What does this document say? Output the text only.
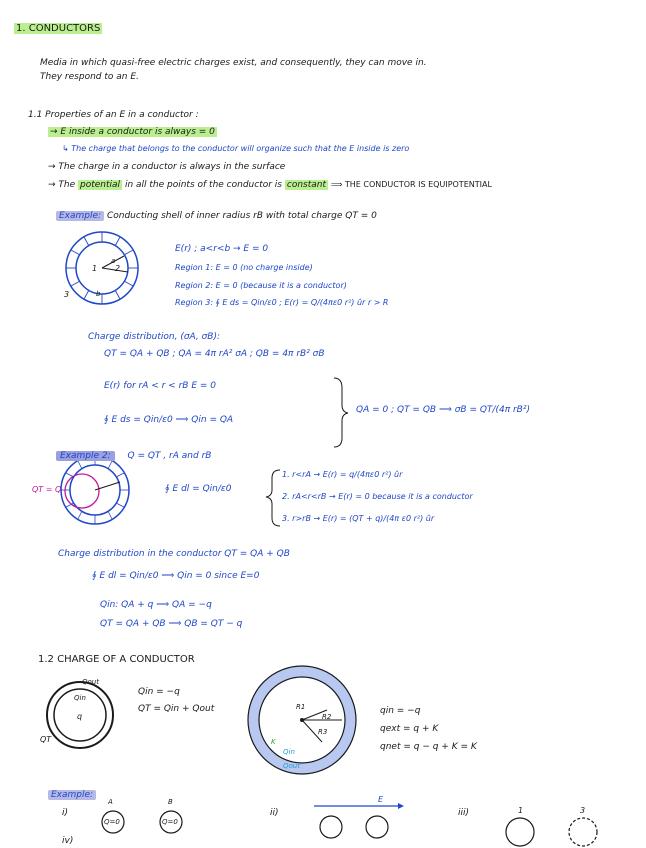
1. CONDUCTORS
Media in which quasi-free electric charges exist, and consequently, they can move in.
They respond to an E.
1.1 Properties of an E in a conductor :
→ E inside a conductor is always = 0
↳ The charge that belongs to the conductor will organize such that the E inside is zero
→ The charge in a conductor is always in the surface
→ The potential in all the points of the conductor is constant ⟹ THE CONDUCTOR IS EQUIPOTENTIAL
Example: Conducting shell of inner radius rB with total charge QT = 0
1 2
3
a
b
E(r) ; a<r<b → E = 0
Region 1: E = 0 (no charge inside)
Region 2: E = 0 (because it is a conductor)
Region 3: ∮ E ds = Qin/ε0 ; E(r) = Q/(4πε0 r²) ûr r > R
Charge distribution, (σA, σB):
QT = QA + QB ; QA = 4π rA² σA ; QB = 4π rB² σB
E(r) for rA < r < rB E = 0
∮ E ds = Qin/ε0 ⟹ Qin = QA
QA = 0 ; QT = QB ⟹ σB = QT/(4π rB²)
Example 2: Q = QT , rA and rB
QT = Q	∮ E dl = Qin/ε0
1. r<rA → E(r) = q/(4πε0 r²) ûr
2. rA<r<rB → E(r) = 0 because it is a conductor
3. r>rB → E(r) = (QT + q)/(4π ε0 r²) ûr
Charge distribution in the conductor QT = QA + QB
∮ E dl = Qin/ε0 ⟹ Qin = 0 since E=0
Qin: QA + q ⟹ QA = −q
QT = QA + QB ⟹ QB = QT − q
1.2 CHARGE OF A CONDUCTOR
Qout
Qin
q
QT
Qin = −q
QT = Qin + Qout	R1
R2
R3
K
Qin
Qout
qin = −q
qext = q + K
qnet = q − q + K = K
Example:
i)
A	B
Q=0	Q=0
ii)
E
iii)	1	3
iv)
